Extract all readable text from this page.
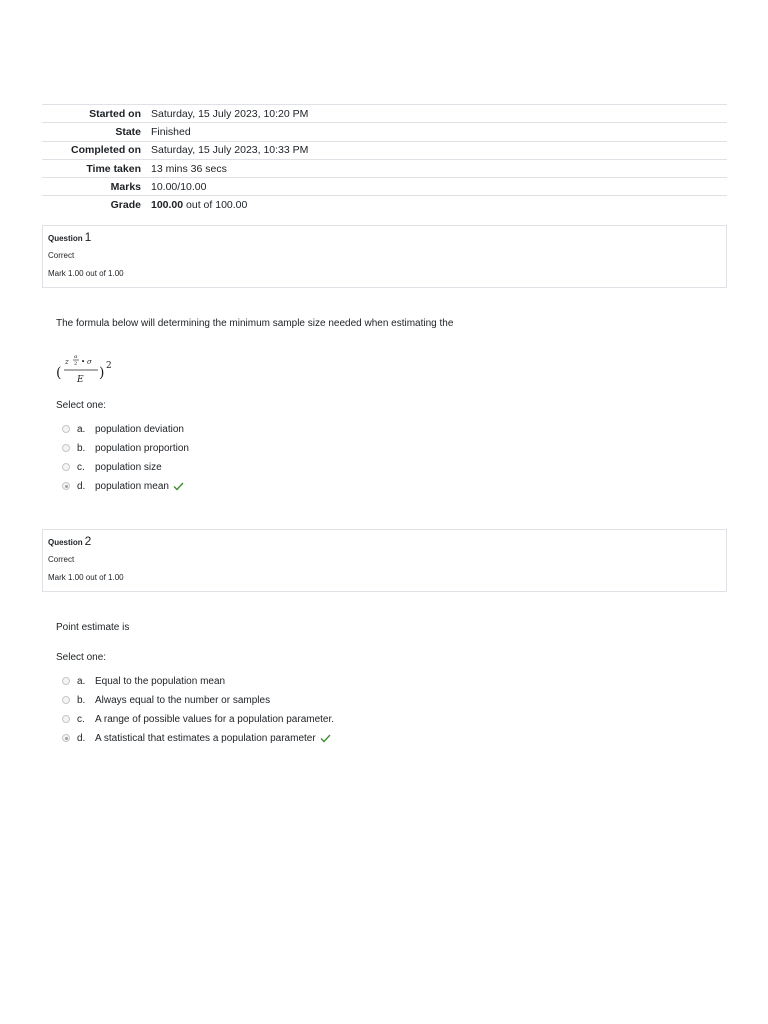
Started on	Saturday, 15 July 2023, 10:20 PM
State	Finished
Completed on	Saturday, 15 July 2023, 10:33 PM
Time taken	13 mins 36 secs
Marks	10.00/10.00
Grade	100.00 out of 100.00
Question 1
Correct
Mark 1.00 out of 1.00
The formula below will determining the minimum sample size needed when estimating the
(
z
α
2 • σ
E ) 2
Select one:
a. population deviation
b. population proportion
c.	population size
d. population mean
Question 2
Correct
Mark 1.00 out of 1.00
Point estimate is
Select one:
a. Equal to the population mean
b. Always equal to the number or samples
c.	A range of possible values for a population parameter.
d. A statistical that estimates a population parameter
